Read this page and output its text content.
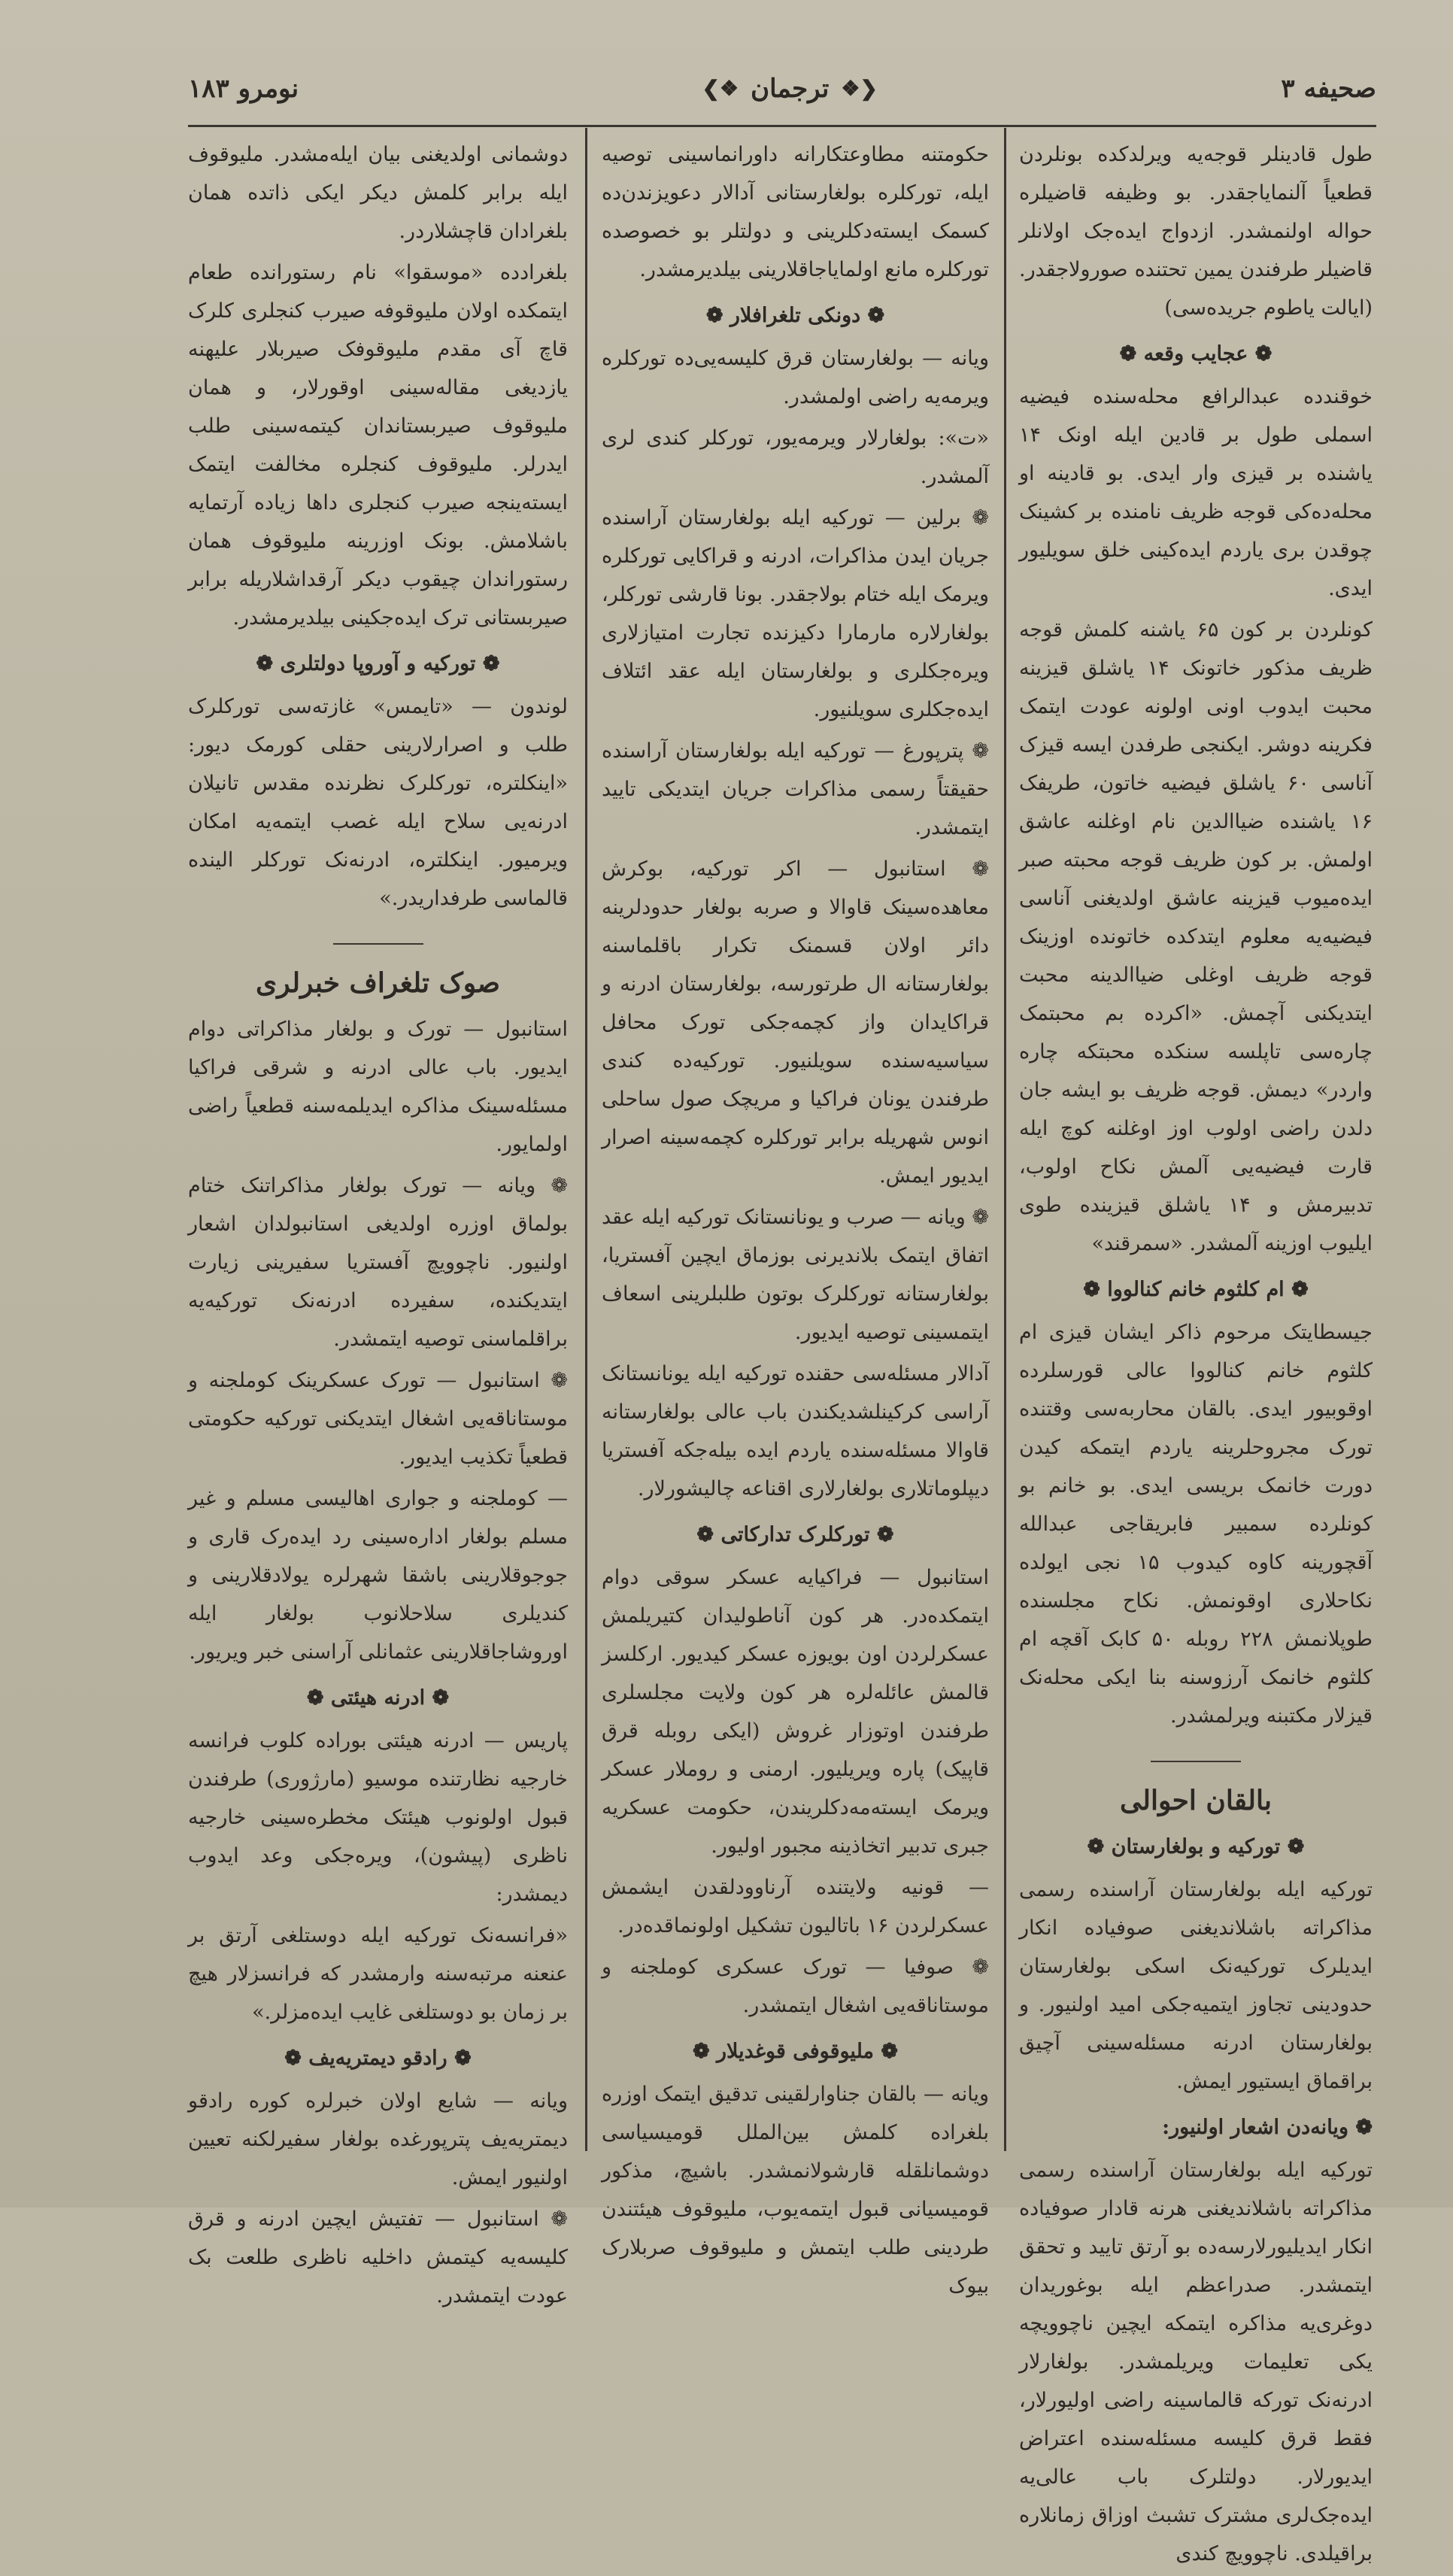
صحیفه ۳
❮❖
ترجمان
❖❯
نومرو ۱۸۳

طول قادینلر قوجه‌یه ویرلدکده بونلردن قطعیاً آلنمایاجقدر. بو وظیفه قاضیلره حواله اولنمشدر. ازدواج ایده‌جک اولانلر قاضیلر طرفندن یمین تحتنده صورولاجقدر. (ایالت یاطوم جریده‌سی)

❁ عجایب وقعه ❁

خوقندده عبدالرافع محله‌سنده فیضیه اسملی طول بر قادین ایله اونک ۱۴ یاشنده بر قیزی وار ایدی. بو قادینه او محله‌ده‌کی قوجه ظریف نامنده بر کشینک چوقدن بری یاردم ایده‌کینی خلق سویلیور ایدی.

کونلردن بر کون ۶۵ یاشنه کلمش قوجه ظریف مذکور خاتونک ۱۴ یاشلق قیزینه محبت ایدوب اونی اولونه عودت ایتمک فکرینه دوشر. ایکنجی طرفدن ایسه قیزک آناسی ۶۰ یاشلق فیضیه خاتون، طریفک ۱۶ یاشنده ضیاالدین نام اوغلنه عاشق اولمش. بر کون ظریف قوجه محبته صبر ایده‌میوب قیزینه عاشق اولدیغنی آناسی فیضیه‌یه معلوم ایتدکده خاتونده اوزینک قوجه ظریف اوغلی ضیاالدینه محبت ایتدیکنی آچمش. «اکرده بم محبتمک چاره‌سی تاپلسه سنکده محبتکه چاره واردر» دیمش. قوجه ظریف بو ایشه جان دلدن راضی اولوب اوز اوغلنه کوچ ایله قارت فیضیه‌یی آلمش نکاح اولوب، تدبیرمش و ۱۴ یاشلق قیزینده طوی ایلیوب اوزینه آلمشدر. «سمرقند»

❁ ام کلثوم خانم کنالووا ❁

جیسطایتک مرحوم ذاکر ایشان قیزی ام کلثوم خانم کنالووا عالی قورسلرده اوقوبیور ایدی. بالقان محاربه‌سی وقتنده تورک مجروحلرینه یاردم ایتمکه کیدن دورت خانمک بریسی ایدی. بو خانم بو کونلرده سمبیر فابریقاجی عبدالله آقچورینه کاوه کیدوب ۱۵ نجی ایولده نکاحلاری اوقونمش. نکاح مجلسنده طوپلانمش ۲۲۸ روبله ۵۰ کابک آقچه ام کلثوم خانمک آرزوسنه بنا ایکی محله‌نک قیزلار مکتبنه ویرلمشدر.

بالقان احوالی
❁ تورکیه و بولغارستان ❁

تورکیه ایله بولغارستان آراسنده رسمی مذاکراته باشلاندیغنی صوفیاده انکار ایدیلرک تورکیه‌نک اسکی بولغارستان حدودینی تجاوز ایتمیه‌جکی امید اولنیور. و بولغارستان ادرنه مسئله‌سینی آچیق براقماق ایستیور ایمش.

❁ ویانه‌دن اشعار اولنیور:

تورکیه ایله بولغارستان آراسنده رسمی مذاکراته باشلاندیغنی هرنه قادار صوفیاده انکار ایدیلیورلارسه‌ده بو آرتق تایید و تحقق ایتمشدر. صدراعظم ایله بوغوریدان دوغری‌یه مذاکره ایتمکه ایچین ناچوویچه یکی تعلیمات ویریلمشدر. بولغارلار ادرنه‌نک تورکه قالماسینه راضی اولیورلار، فقط قرق کلیسه مسئله‌سنده اعتراض ایدیورلار. دولتلرک باب عالی‌یه ایده‌جک‌لری مشترک تشبث اوزاق زمانلاره براقیلدی. ناچوویچ کندی

حکومتنه مطاوعتکارانه داورانماسینی توصیه ایله، تورکلره بولغارستانی آدالار دعویزندن‌ده کسمک ایسته‌دکلرینی و دولتلر بو خصوصده تورکلره مانع اولمایاجاقلارینی بیلدیرمشدر.

❁ دونکی تلغرافلار ❁

ویانه — بولغارستان قرق کلیسه‌یی‌ده تورکلره ویرمه‌یه راضی اولمشدر.

«ت»: بولغارلار ویرمه‌یور، تورکلر کندی لری آلمشدر.

❁ برلین — تورکیه ایله بولغارستان آراسنده جریان ایدن مذاکرات، ادرنه و قراکایی تورکلره ویرمک ایله ختام بولاجقدر. بونا قارشی تورکلر، بولغارلاره مارمارا دکیزنده تجارت امتیازلاری ویره‌جکلری و بولغارستان ایله عقد ائتلاف ایده‌جکلری سویلنیور.

❁ پترپورغ — تورکیه ایله بولغارستان آراسنده حقیقتاً رسمی مذاکرات جریان ایتدیکی تایید ایتمشدر.

❁ استانبول — اکر تورکیه، بوکرش معاهده‌سینک قاوالا و صربه بولغار حدودلرینه دائر اولان قسمنک تکرار باقلماسنه بولغارستانه ال طرتورسه، بولغارستان ادرنه و قراکایدان واز کچمه‌جکی تورک محافل سیاسیه‌سنده سویلنیور. تورکیه‌ده کندی طرفندن یونان فراکیا و مریچک صول ساحلی انوس شهریله برابر تورکلره کچمه‌سینه اصرار ایدیور ایمش.

❁ ویانه — صرب و یونانستانک تورکیه ایله عقد اتفاق ایتمک بلاندیرنی بوزماق ایچین آفستریا، بولغارستانه تورکلرک بوتون طلبلرینی اسعاف ایتمسینی توصیه ایدیور.

آدالار مسئله‌سی حقنده تورکیه ایله یونانستانک آراسی کرکینلشدیکندن باب عالی بولغارستانه قاوالا مسئله‌سنده یاردم ایده بیله‌جکه آفستریا دیپلوماتلاری بولغارلاری اقناعه چالیشورلار.

❁ تورکلرک تدارکاتی ❁

استانبول — فراکیایه عسکر سوقی دوام ایتمکده‌در. هر کون آناطولیدان کتیریلمش عسکرلردن اون بویوزه عسکر کیدیور. ارکلسز قالمش عائله‌لره هر کون ولایت مجلسلری طرفندن اوتوزار غروش (ایکی روبله قرق قاپیک) پاره ویریلیور. ارمنی و روملار عسکر ویرمک ایسته‌مه‌دکلریندن، حکومت عسکریه جبری تدبیر اتخاذینه مجبور اولیور.

— قونیه ولایتنده آرناوودلقدن ایشمش عسکرلردن ۱۶ باتالیون تشکیل اولونماقده‌در.

❁ صوفیا — تورک عسکری کوملجنه و موستاناقه‌یی اشغال ایتمشدر.

❁ ملیوقوفی قوغدیلار ❁

ویانه — بالقان جناوارلقینی تدقیق ایتمک اوزره بلغراده کلمش بین‌الملل قومیسیاسی دوشمانلقله قارشولانمشدر. باشیچ، مذکور قومیسیانی قبول ایتمه‌یوب، ملیوقوف هیئتندن طردینی طلب ایتمش و ملیوقوف صربلارک بیوک

دوشمانی اولدیغنی بیان ایله‌مشدر. ملیوقوف ایله برابر کلمش دیکر ایکی ذاتده همان بلغرادان قاچشلاردر.

بلغرادده «موسقوا» نام رستورانده طعام ایتمکده اولان ملیوقوفه صیرب کنجلری کلرک قاچ آی مقدم ملیوقوفک صیربلار علیهنه یازدیغی مقاله‌سینی اوقورلار، و همان ملیوقوف صیربستاندان کیتمه‌سینی طلب ایدرلر. ملیوقوف کنجلره مخالفت ایتمک ایسته‌ینجه صیرب کنجلری داها زیاده آرتمایه باشلامش. بونک اوزرینه ملیوقوف همان رستوراندان چیقوب دیکر آرقداشلاریله برابر صیربستانی ترک ایده‌جکینی بیلدیرمشدر.

❁ تورکیه و آوروپا دولتلری ❁

لوندون — «تایمس» غازته‌سی تورکلرک طلب و اصرارلارینی حقلی کورمک دیور: «اینکلتره، تورکلرک نظرنده مقدس تانیلان ادرنه‌یی سلاح ایله غصب ایتمه‌یه امکان ویرمیور. اینکلتره، ادرنه‌نک تورکلر الینده قالماسی طرفداریدر.»

صوک تلغراف خبرلری

استانبول — تورک و بولغار مذاکراتی دوام ایدیور. باب عالی ادرنه و شرقی فراکیا مسئله‌سینک مذاکره ایدیلمه‌سنه قطعیاً راضی اولمایور.

❁ ویانه — تورک بولغار مذاکراتنک ختام بولماق اوزره اولدیغی استانبولدان اشعار اولنیور. ناچوویچ آفستریا سفیرینی زیارت ایتدیکنده، سفیرده ادرنه‌نک تورکیه‌یه براقلماسنی توصیه ایتمشدر.

❁ استانبول — تورک عسکرینک کوملجنه و موستاناقه‌یی اشغال ایتدیکنی تورکیه حکومتی قطعیاً تکذیب ایدیور.

— کوملجنه و جواری اهالیسی مسلم و غیر مسلم بولغار اداره‌سینی رد ایده‌رک قاری و جوجوقلارینی باشقا شهرلره یولادقلارینی و کندیلری سلاحلانوب بولغار ایله اوروشاجاقلارینی عثمانلی آراسنی خبر ویریور.

❁ ادرنه هیئتی ❁

پاریس — ادرنه هیئتی بوراده کلوب فرانسه خارجیه نظارتنده موسیو (مارژوری) طرفندن قبول اولونوب هیئتک مخطره‌سینی خارجیه ناظری (پیشون)، ویره‌جکی وعد ایدوب دیمشدر:

«فرانسه‌نک تورکیه ایله دوستلغی آرتق بر عنعنه مرتبه‌سنه وارمشدر که فرانسزلار هیچ بر زمان بو دوستلغی غایب ایده‌مزلر.»

❁ رادقو دیمتریه‌یف ❁

ویانه — شایع اولان خبرلره کوره رادقو دیمتریه‌یف پترپورغده بولغار سفیرلکنه تعیین اولنیور ایمش.

❁ استانبول — تفتیش ایچین ادرنه و قرق کلیسه‌یه کیتمش داخلیه ناظری طلعت بک عودت ایتمشدر.
